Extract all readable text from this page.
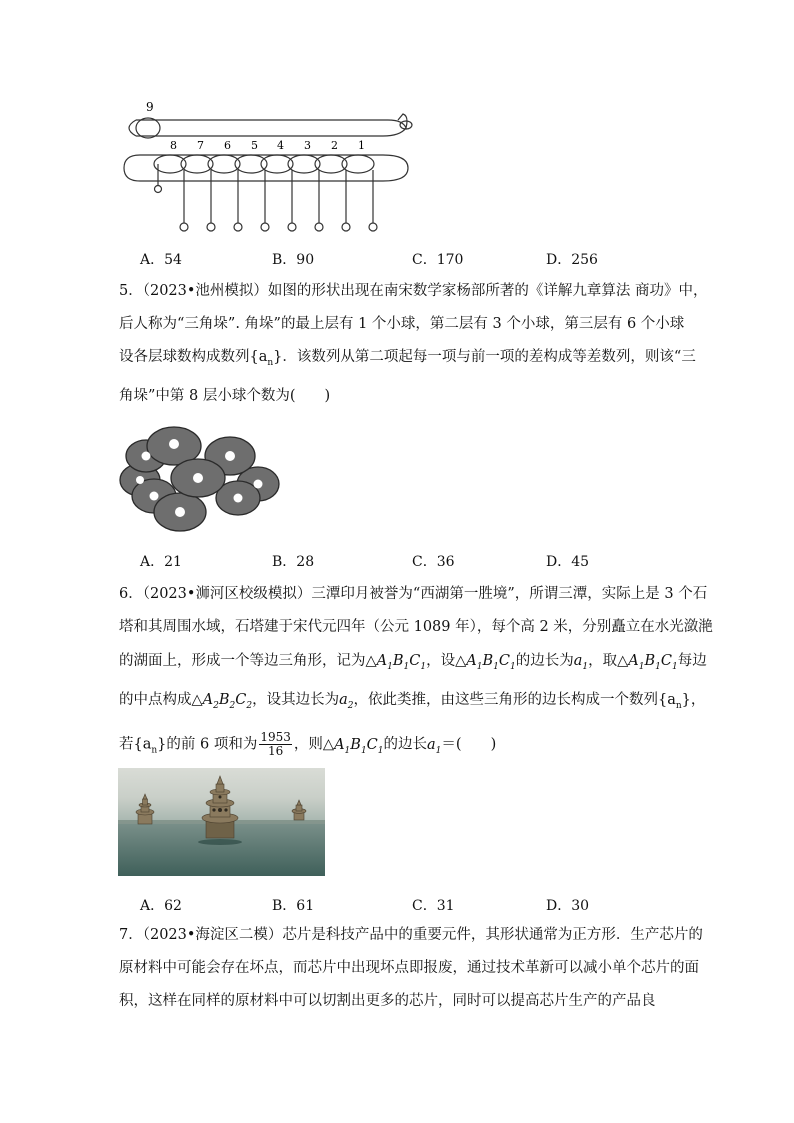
9
8 7 6 5 4 3 2 1
A．54	B．90	C．170	D．256
5．（2023•池州模拟）如图的形状出现在南宋数学家杨部所著的《详解九章算法 商功》中，
后人称为“三角垛”. 角垛”的最上层有 1 个小球，第二层有 3 个小球，第三层有 6 个小球
设各层球数构成数列$\{a_n\}$．该数列从第二项起每一项与前一项的差构成等差数列，则该“三
角垛”中第 8 层小球个数为(　　)
A．21	B．28	C．36	D．45
6．（2023•浉河区校级模拟）三潭印月被誉为“西湖第一胜境”，所谓三潭，实际上是 3 个石
塔和其周围水域，石塔建于宋代元四年（公元 1089 年），每个高 2 米，分别矗立在水光潋滟
的湖面上，形成一个等边三角形，记为$\triangle A_1B_1C_1$，设$\triangle A_1B_1C_1$的边长为$a_1$，取$\triangle A_1B_1C_1$每边
的中点构成$\triangle A_2B_2C_2$，设其边长为$a_2$，依此类推，由这些三角形的边长构成一个数列$\{a_n\}$，
若$\{a_n\}$的前 6 项和为 $\frac{1953}{16}$ ，则$\triangle A_1B_1C_1$的边长$a_1=$(　　)
A．62	B．61	C．31	D．30
7．（2023•海淀区二模）芯片是科技产品中的重要元件，其形状通常为正方形．生产芯片的
原材料中可能会存在坏点，而芯片中出现坏点即报废，通过技术革新可以减小单个芯片的面
积，这样在同样的原材料中可以切割出更多的芯片，同时可以提高芯片生产的产品良
